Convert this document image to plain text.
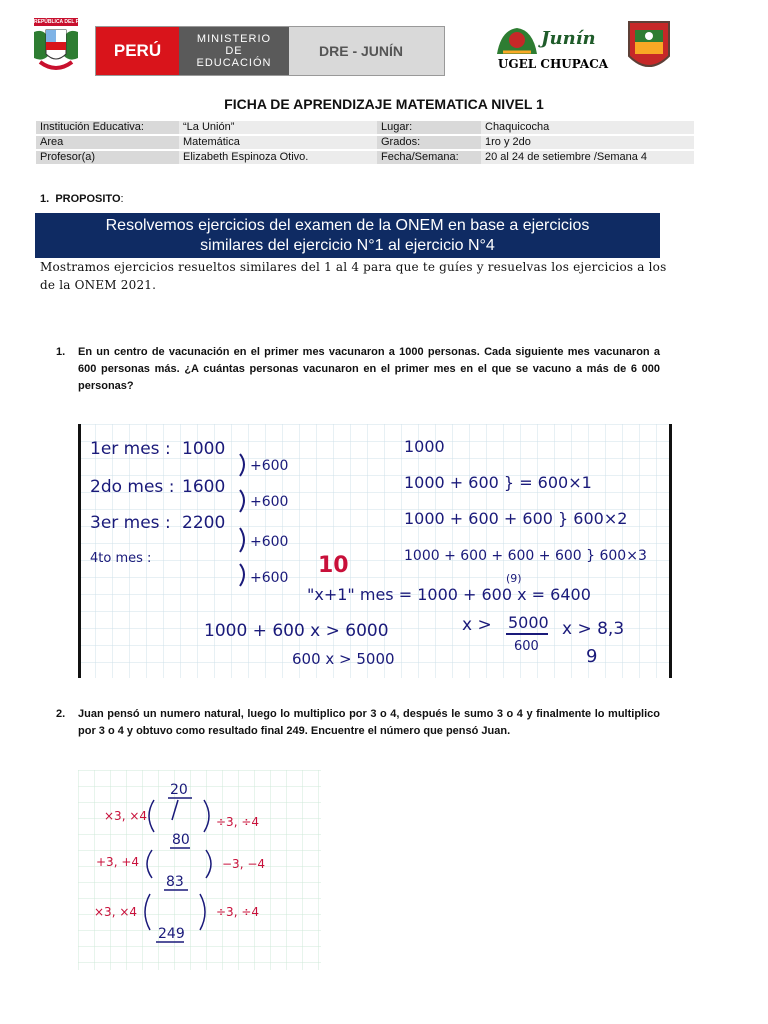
REPÚBLICA DEL PERÚ
PERÚ
MINISTERIO
DE
EDUCACIÓN
DRE - JUNÍN
Junín
UGEL CHUPACA
FICHA DE APRENDIZAJE MATEMATICA NIVEL 1
Institución Educativa:	“La Unión”	Lugar:	Chaquicocha
Area	Matemática	Grados:	1ro y 2do
Profesor(a)	Elizabeth Espinoza Otivo.	Fecha/Semana:	20 al 24 de setiembre /Semana 4
1. PROPOSITO:
Resolvemos ejercicios del examen de la ONEM en base a ejercicios
similares del ejercicio N°1 al ejercicio N°4
Mostramos ejercicios resueltos similares del 1 al 4 para que te guíes y resuelvas los ejercicios a los de la ONEM 2021.
1. En un centro de vacunación en el primer mes vacunaron a 1000 personas. Cada siguiente mes vacunaron a 600 personas más. ¿A cuántas personas vacunaron en el primer mes en el que se vacuno a más de 6 000 personas?
1er mes : 1000
2do mes : 1600
3er mes : 2200
4to mes :
+600
+600
+600
+600
1000
1000 + 600 } = 600×1
1000 + 600 + 600 } 600×2
1000 + 600 + 600 + 600 } 600×3
10
"x+1" mes = 1000 + 600 x = 6400
(9)
1000 + 600 x > 6000
600 x > 5000
x > 5000
600
x > 8,3
9
2. Juan pensó un numero natural, luego lo multiplico por 3 o 4, después le sumo 3 o 4 y finalmente lo multiplico por 3 o 4 y obtuvo como resultado final 249. Encuentre el número que pensó Juan.
20
80
83
249
×3, ×4
+3, +4
×3, ×4
÷3, ÷4
−3, −4
÷3, ÷4
